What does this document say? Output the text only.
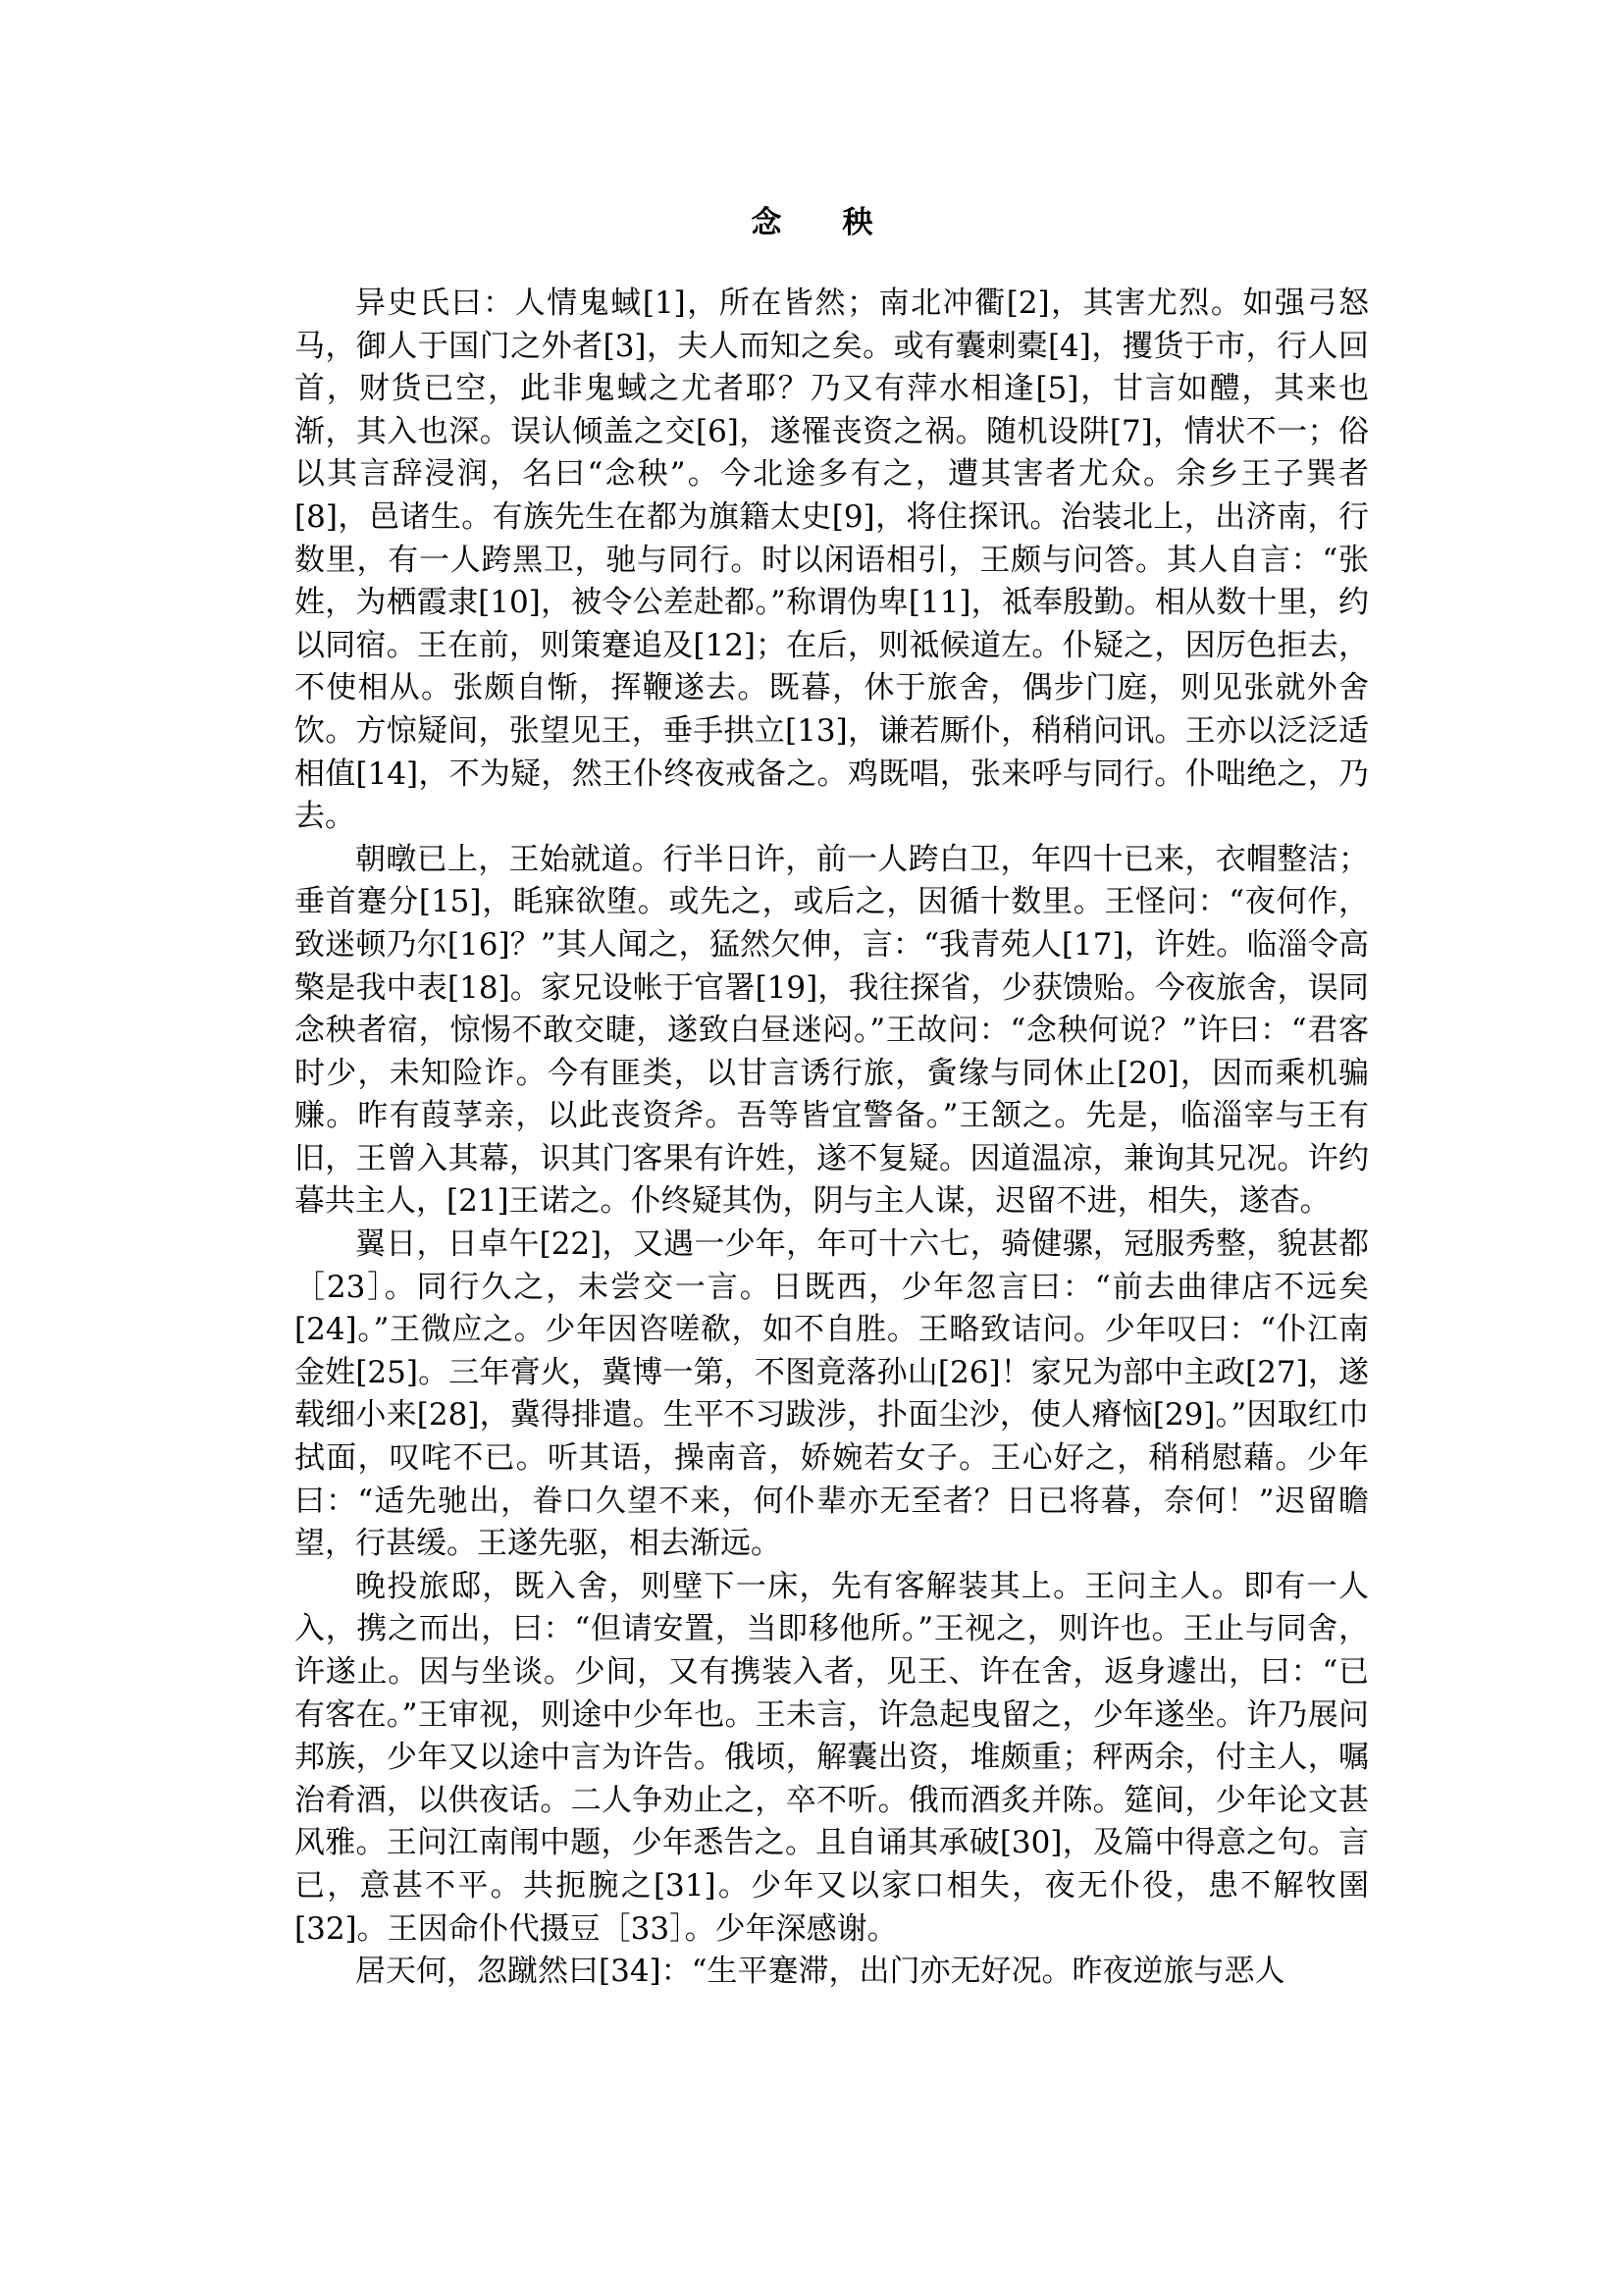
念 秧

异史氏曰：人情鬼蜮[1]，所在皆然；南北冲衢[2]，其害尤烈。如强弓怒马，御人于国门之外者[3]，夫人而知之矣。或有囊刺橐[4]，攫货于市，行人回首，财货已空，此非鬼蜮之尤者耶？乃又有萍水相逢[5]，甘言如醴，其来也渐，其入也深。误认倾盖之交[6]，遂罹丧资之祸。随机设阱[7]，情状不一；俗以其言辞浸润，名曰“念秧”。今北途多有之，遭其害者尤众。余乡王子巽者[8]，邑诸生。有族先生在都为旗籍太史[9]，将住探讯。治装北上，出济南，行数里，有一人跨黑卫，驰与同行。时以闲语相引，王颇与问答。其人自言：“张姓，为栖霞隶[10]，被令公差赴都。”称谓伪卑[11]，祗奉殷勤。相从数十里，约以同宿。王在前，则策蹇追及[12]；在后，则祗候道左。仆疑之，因厉色拒去，不使相从。张颇自惭，挥鞭遂去。既暮，休于旅舍，偶步门庭，则见张就外舍饮。方惊疑间，张望见王，垂手拱立[13]，谦若厮仆，稍稍问讯。王亦以泛泛适相值[14]，不为疑，然王仆终夜戒备之。鸡既唱，张来呼与同行。仆咄绝之，乃去。

朝暾已上，王始就道。行半日许，前一人跨白卫，年四十已来，衣帽整洁；垂首蹇分[15]，眊寐欲堕。或先之，或后之，因循十数里。王怪问：“夜何作，致迷顿乃尔[16]？”其人闻之，猛然欠伸，言：“我青苑人[17]，许姓。临淄令高檠是我中表[18]。家兄设帐于官署[19]，我往探省，少获馈贻。今夜旅舍，误同念秧者宿，惊惕不敢交睫，遂致白昼迷闷。”王故问：“念秧何说？”许曰：“君客时少，未知险诈。今有匪类，以甘言诱行旅，夤缘与同休止[20]，因而乘机骗赚。昨有葭莩亲，以此丧资斧。吾等皆宜警备。”王颔之。先是，临淄宰与王有旧，王曾入其幕，识其门客果有许姓，遂不复疑。因道温凉，兼询其兄况。许约暮共主人，[21]王诺之。仆终疑其伪，阴与主人谋，迟留不进，相失，遂杳。

翼日，日卓午[22]，又遇一少年，年可十六七，骑健骡，冠服秀整，貌甚都［23］。同行久之，未尝交一言。日既西，少年忽言曰：“前去曲律店不远矣[24]。”王微应之。少年因咨嗟欷，如不自胜。王略致诘问。少年叹曰：“仆江南金姓[25]。三年膏火，冀博一第，不图竟落孙山[26]！家兄为部中主政[27]，遂载细小来[28]，冀得排遣。生平不习跋涉，扑面尘沙，使人瘠恼[29]。”因取红巾拭面，叹咤不已。听其语，操南音，娇婉若女子。王心好之，稍稍慰藉。少年曰：“适先驰出，眷口久望不来，何仆辈亦无至者？日已将暮，奈何！”迟留瞻望，行甚缓。王遂先驱，相去渐远。

晚投旅邸，既入舍，则壁下一床，先有客解装其上。王问主人。即有一人入，携之而出，曰：“但请安置，当即移他所。”王视之，则许也。王止与同舍，许遂止。因与坐谈。少间，又有携装入者，见王、许在舍，返身遽出，曰：“已有客在。”王审视，则途中少年也。王未言，许急起曳留之，少年遂坐。许乃展问邦族，少年又以途中言为许告。俄顷，解囊出资，堆颇重；秤两余，付主人，嘱治肴酒，以供夜话。二人争劝止之，卒不听。俄而酒炙并陈。筵间，少年论文甚风雅。王问江南闱中题，少年悉告之。且自诵其承破[30]，及篇中得意之句。言已，意甚不平。共扼腕之[31]。少年又以家口相失，夜无仆役，患不解牧圉[32]。王因命仆代摄豆［33］。少年深感谢。

居天何，忽蹴然曰[34]：“生平蹇滞，出门亦无好况。昨夜逆旅与恶人
